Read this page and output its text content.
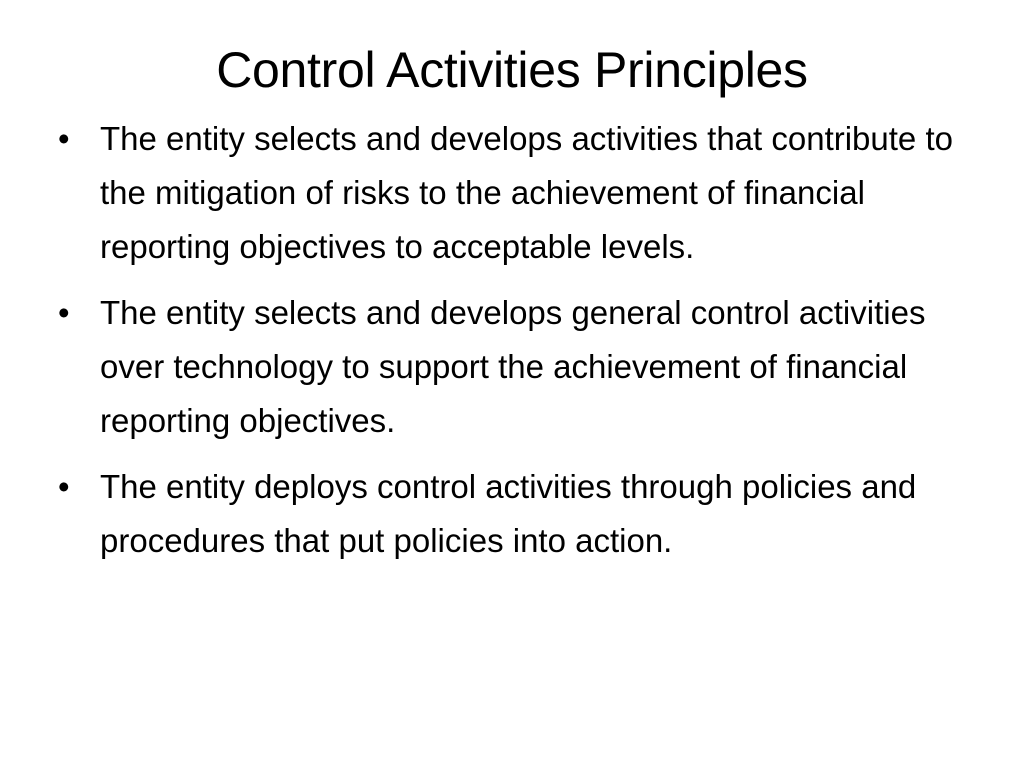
Control Activities Principles
• The entity selects and develops activities that contribute to the mitigation of risks to the achievement of financial reporting objectives to acceptable levels.
• The entity selects and develops general control activities over technology to support the achievement of financial reporting objectives.
• The entity deploys control activities through policies and procedures that put policies into action.
